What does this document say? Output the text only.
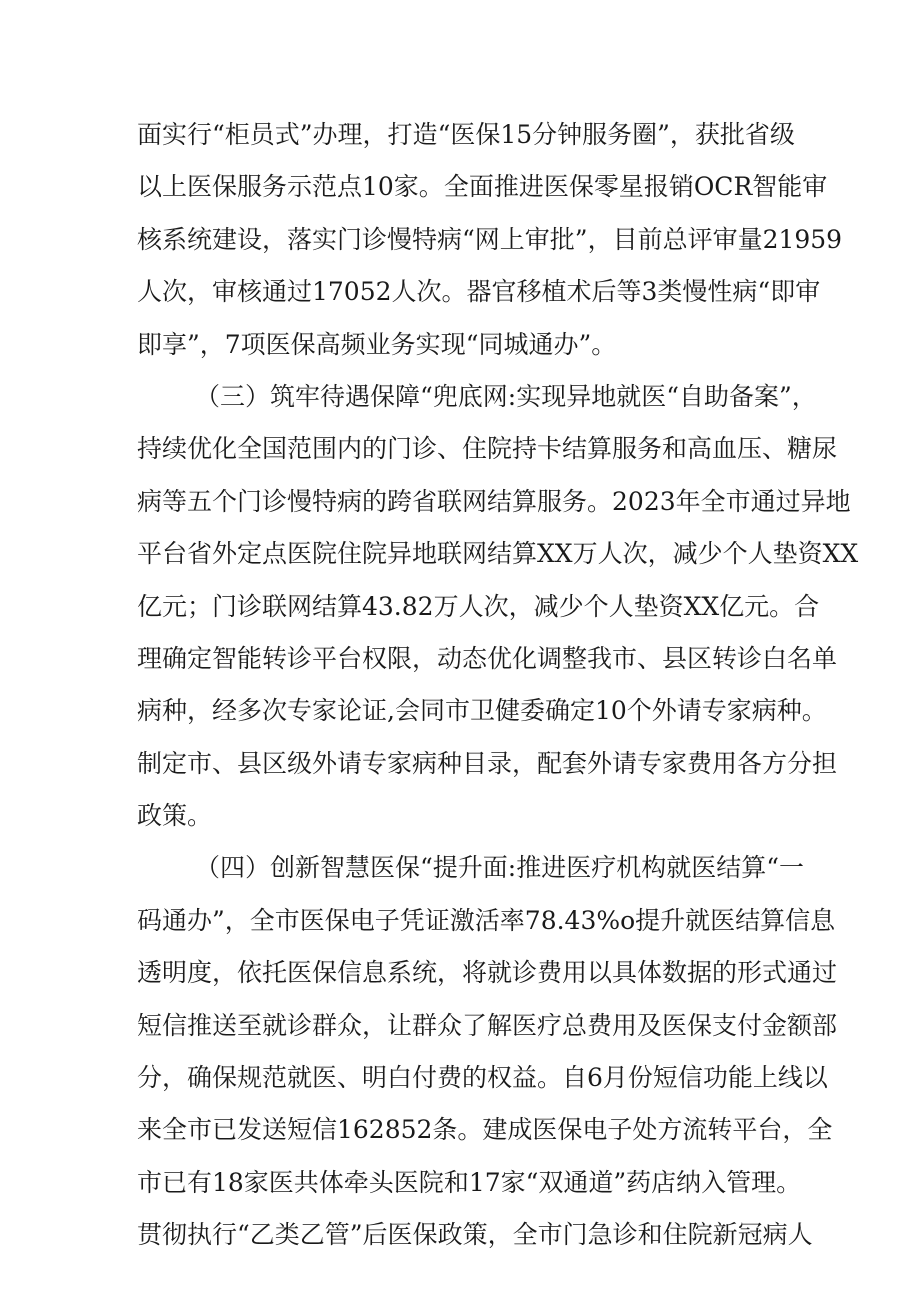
面实行“柜员式”办理，打造“医保15分钟服务圈”，获批省级
以上医保服务示范点10家。全面推进医保零星报销OCR智能审
核系统建设，落实门诊慢特病“网上审批”，目前总评审量21959
人次，审核通过17052人次。器官移植术后等3类慢性病“即审
即享”，7项医保高频业务实现“同城通办”。
（三）筑牢待遇保障“兜底网:实现异地就医“自助备案”，
持续优化全国范围内的门诊、住院持卡结算服务和高血压、糖尿
病等五个门诊慢特病的跨省联网结算服务。2023年全市通过异地
平台省外定点医院住院异地联网结算XX万人次，减少个人垫资XX
亿元；门诊联网结算43.82万人次，减少个人垫资XX亿元。合
理确定智能转诊平台权限，动态优化调整我市、县区转诊白名单
病种，经多次专家论证,会同市卫健委确定10个外请专家病种。
制定市、县区级外请专家病种目录，配套外请专家费用各方分担
政策。
（四）创新智慧医保“提升面:推进医疗机构就医结算“一
码通办”，全市医保电子凭证激活率78.43%o提升就医结算信息
透明度，依托医保信息系统，将就诊费用以具体数据的形式通过
短信推送至就诊群众，让群众了解医疗总费用及医保支付金额部
分，确保规范就医、明白付费的权益。自6月份短信功能上线以
来全市已发送短信162852条。建成医保电子处方流转平台，全
市已有18家医共体牵头医院和17家“双通道”药店纳入管理。
贯彻执行“乙类乙管”后医保政策，全市门急诊和住院新冠病人
